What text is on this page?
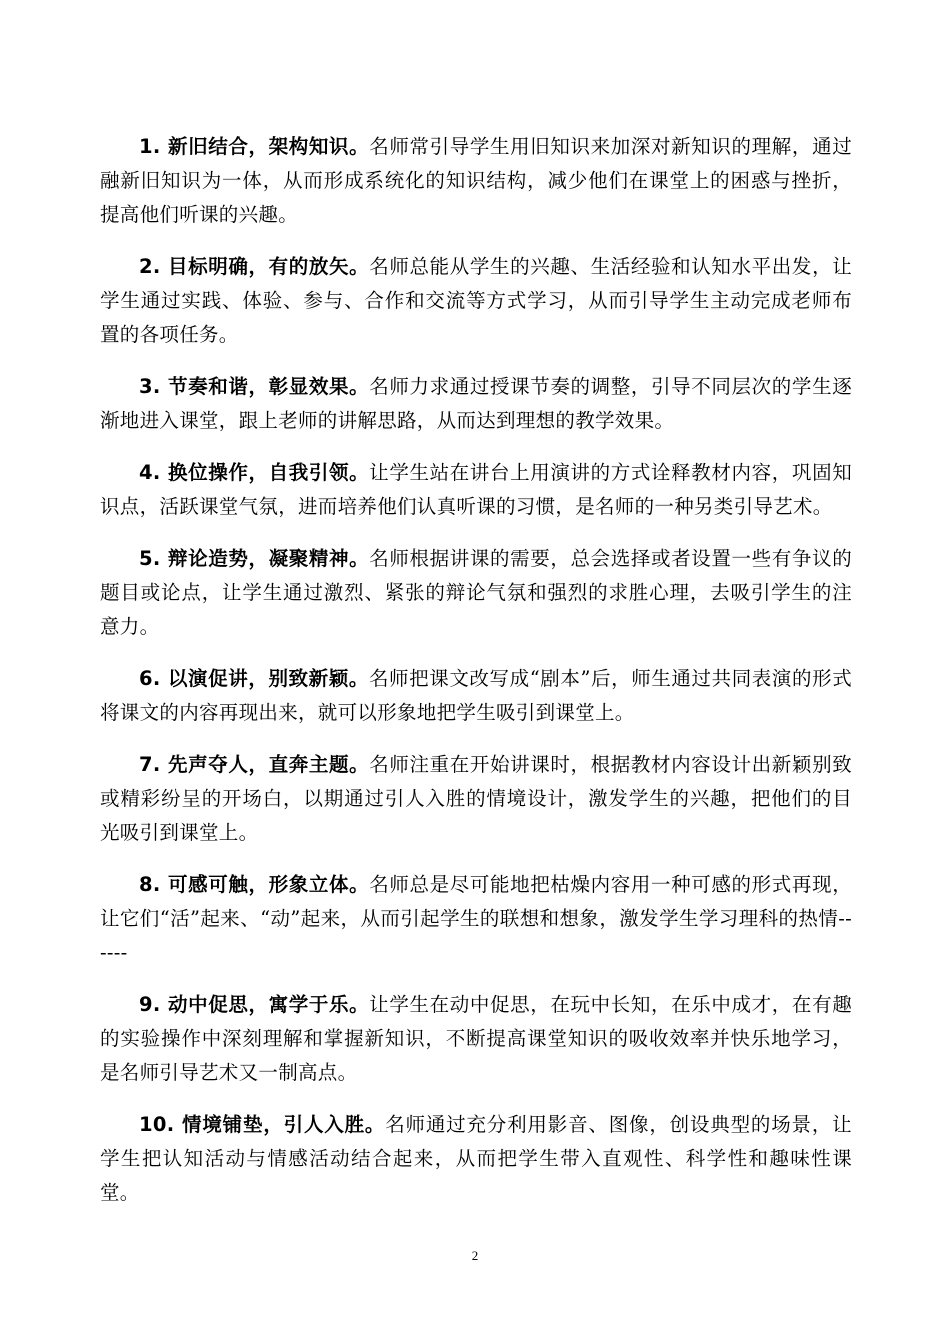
1. 新旧结合，架构知识。名师常引导学生用旧知识来加深对新知识的理解，通过融新旧知识为一体，从而形成系统化的知识结构，减少他们在课堂上的困惑与挫折，提高他们听课的兴趣。

2. 目标明确，有的放矢。名师总能从学生的兴趣、生活经验和认知水平出发，让学生通过实践、体验、参与、合作和交流等方式学习，从而引导学生主动完成老师布置的各项任务。

3. 节奏和谐，彰显效果。名师力求通过授课节奏的调整，引导不同层次的学生逐渐地进入课堂，跟上老师的讲解思路，从而达到理想的教学效果。

4. 换位操作，自我引领。让学生站在讲台上用演讲的方式诠释教材内容，巩固知识点，活跃课堂气氛，进而培养他们认真听课的习惯，是名师的一种另类引导艺术。

5. 辩论造势，凝聚精神。名师根据讲课的需要，总会选择或者设置一些有争议的题目或论点，让学生通过激烈、紧张的辩论气氛和强烈的求胜心理，去吸引学生的注意力。

6. 以演促讲，别致新颖。名师把课文改写成“剧本”后，师生通过共同表演的形式将课文的内容再现出来，就可以形象地把学生吸引到课堂上。

7. 先声夺人，直奔主题。名师注重在开始讲课时，根据教材内容设计出新颖别致或精彩纷呈的开场白，以期通过引人入胜的情境设计，激发学生的兴趣，把他们的目光吸引到课堂上。

8. 可感可触，形象立体。名师总是尽可能地把枯燥内容用一种可感的形式再现，让它们“活”起来、“动”起来，从而引起学生的联想和想象，激发学生学习理科的热情------

9. 动中促思，寓学于乐。让学生在动中促思，在玩中长知，在乐中成才，在有趣的实验操作中深刻理解和掌握新知识，不断提高课堂知识的吸收效率并快乐地学习，是名师引导艺术又一制高点。

10. 情境铺垫，引人入胜。名师通过充分利用影音、图像，创设典型的场景，让学生把认知活动与情感活动结合起来，从而把学生带入直观性、科学性和趣味性课堂。

2
